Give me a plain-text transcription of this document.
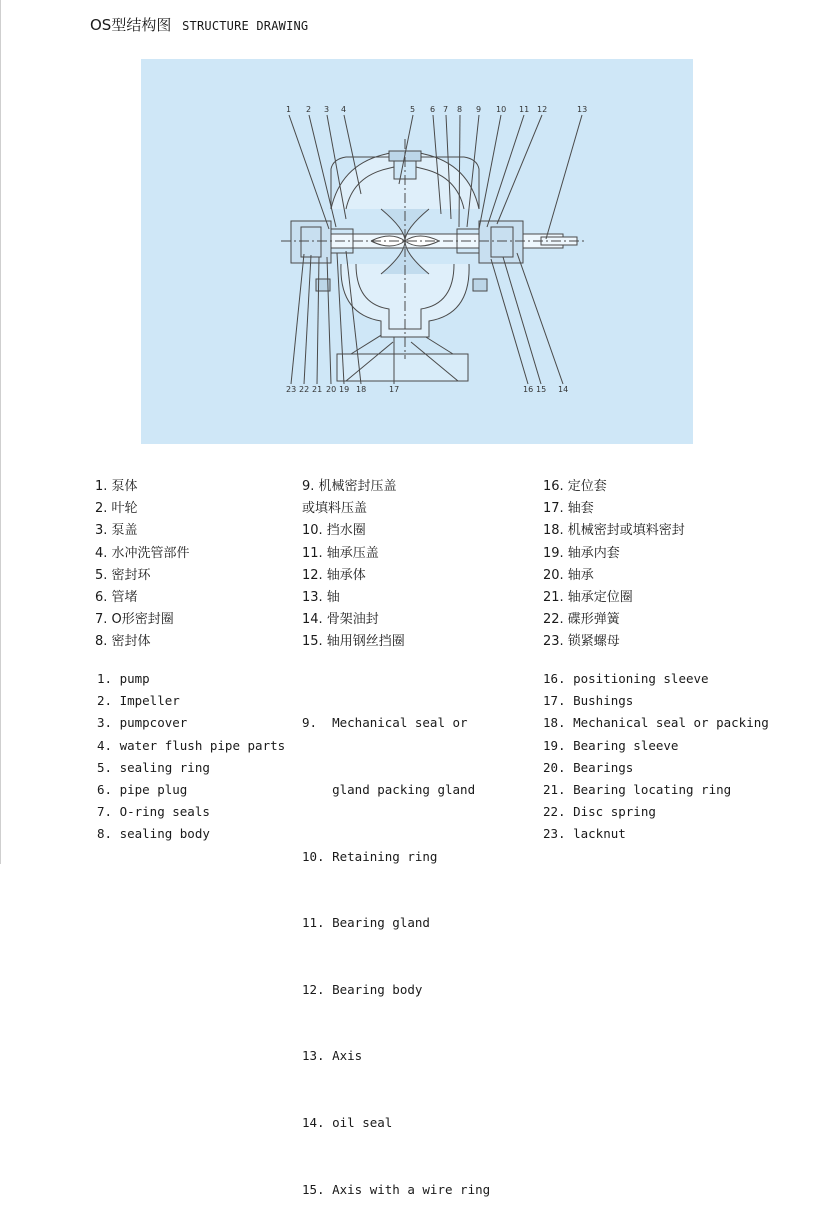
OS型结构图 STRUCTURE DRAWING
1 2 3 4	5 6 7 8 9 10 11 12	13
23 22 21 20 19 18	17	16 15 14
1. 泵体
2. 叶轮
3. 泵盖
4. 水冲洗管部件
5. 密封环
6. 管堵
7. O形密封圈
8. 密封体
9. 机械密封压盖
或填料压盖
10. 挡水圈
11. 轴承压盖
12. 轴承体
13. 轴
14. 骨架油封
15. 轴用钢丝挡圈
16. 定位套
17. 轴套
18. 机械密封或填料密封
19. 轴承内套
20. 轴承
21. 轴承定位圈
22. 碟形弹簧
23. 锁紧螺母
1. pump
2. Impeller
3. pumpcover
4. water flush pipe parts
5. sealing ring
6. pipe plug
7. O-ring seals
8. sealing body

9.  Mechanical seal or

gland packing gland

10. Retaining ring

11. Bearing gland

12. Bearing body

13. Axis

14. oil seal

15. Axis with a wire ring

16. positioning sleeve
17. Bushings
18. Mechanical seal or packing
19. Bearing sleeve
20. Bearings
21. Bearing locating ring
22. Disc spring
23. lacknut
